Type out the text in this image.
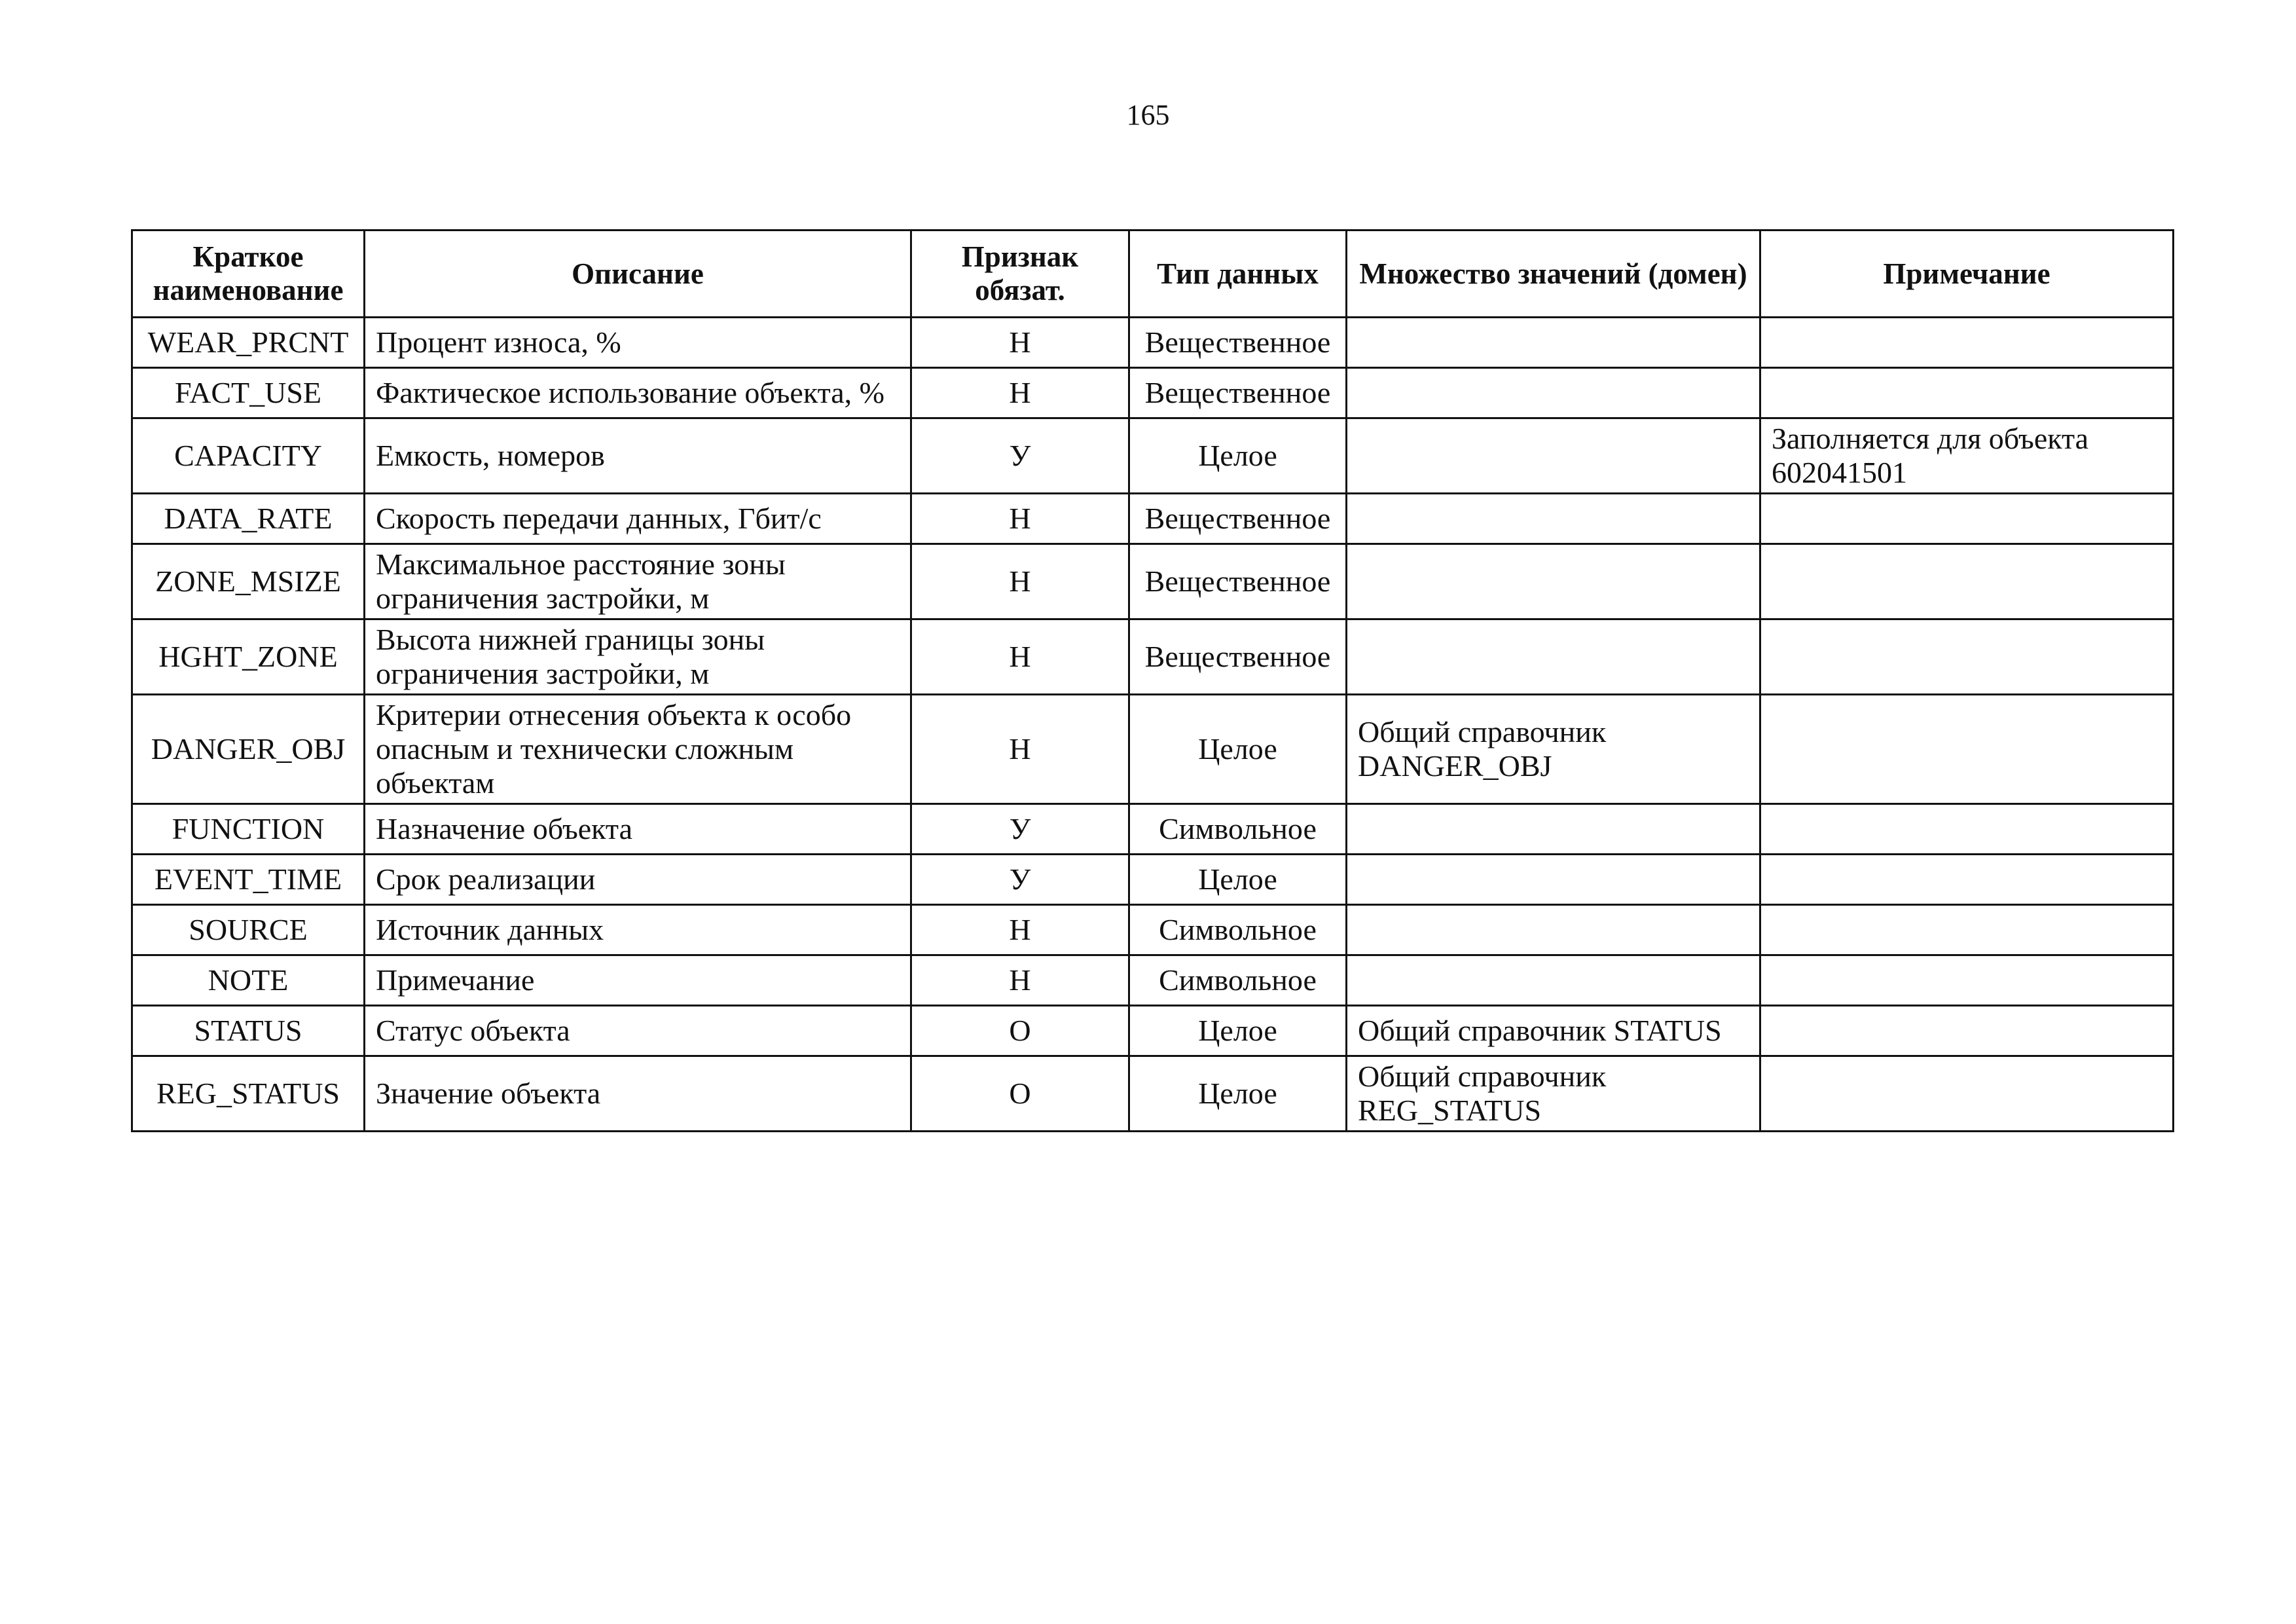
165
Краткое наименование	Описание	Признак обязат.	Тип данных	Множество значений (домен)	Примечание
WEAR_PRCNT	Процент износа, %	Н	Вещественное		
FACT_USE	Фактическое использование объекта, %	Н	Вещественное		
CAPACITY	Емкость, номеров	У	Целое		Заполняется для объекта 602041501
DATA_RATE	Скорость передачи данных, Гбит/с	Н	Вещественное		
ZONE_MSIZE	Максимальное расстояние зоны ограничения застройки, м	Н	Вещественное		
HGHT_ZONE	Высота нижней границы зоны ограничения застройки, м	Н	Вещественное		
DANGER_OBJ	Критерии отнесения объекта к особо опасным и технически сложным объектам	Н	Целое	Общий справочник DANGER_OBJ	
FUNCTION	Назначение объекта	У	Символьное		
EVENT_TIME	Срок реализации	У	Целое		
SOURCE	Источник данных	Н	Символьное		
NOTE	Примечание	Н	Символьное		
STATUS	Статус объекта	О	Целое	Общий справочник STATUS	
REG_STATUS	Значение объекта	О	Целое	Общий справочник REG_STATUS	
